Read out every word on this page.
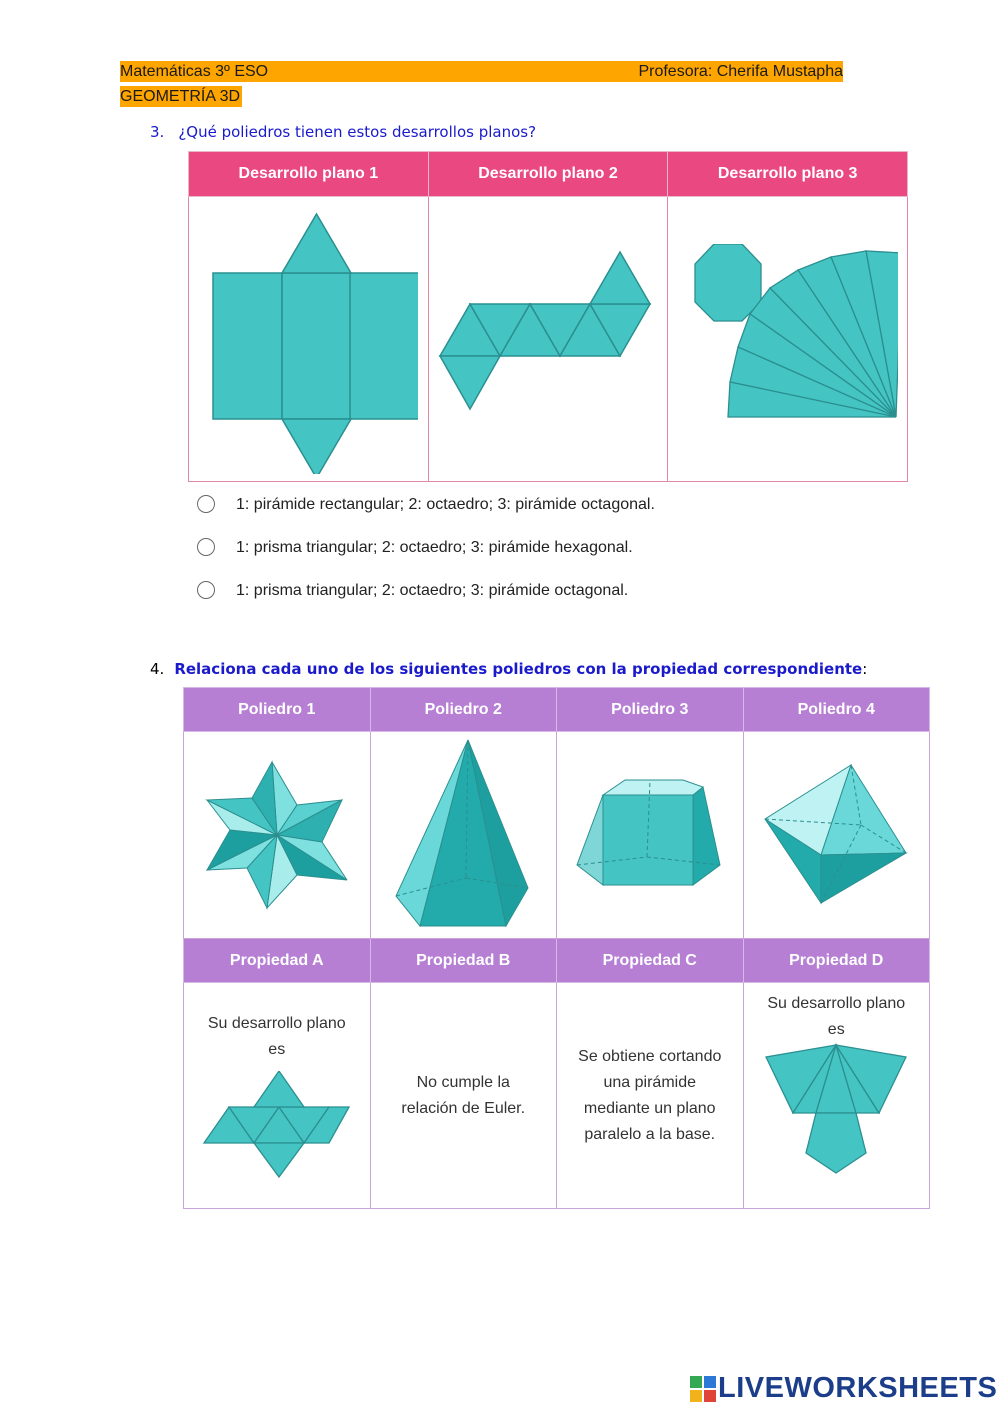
Matemáticas 3º ESO	Profesora: Cherifa Mustapha
GEOMETRÍA 3D
3. ¿Qué poliedros tienen estos desarrollos planos?
Desarrollo plano 1	Desarrollo plano 2	Desarrollo plano 3

1: pirámide rectangular; 2: octaedro; 3: pirámide octagonal.
1: prisma triangular; 2: octaedro; 3: pirámide hexagonal.
1: prisma triangular; 2: octaedro; 3: pirámide octagonal.
4. Relaciona cada uno de los siguientes poliedros con la propiedad correspondiente:
Poliedro 1	Poliedro 2	Poliedro 3	Poliedro 4

Propiedad A	Propiedad B	Propiedad C	Propiedad D

Su desarrollo plano
es	No cumple la
relación de Euler.	Se obtiene cortando
una pirámide
mediante un plano
paralelo a la base.	Su desarrollo plano
es
LIVEWORKSHEETS
